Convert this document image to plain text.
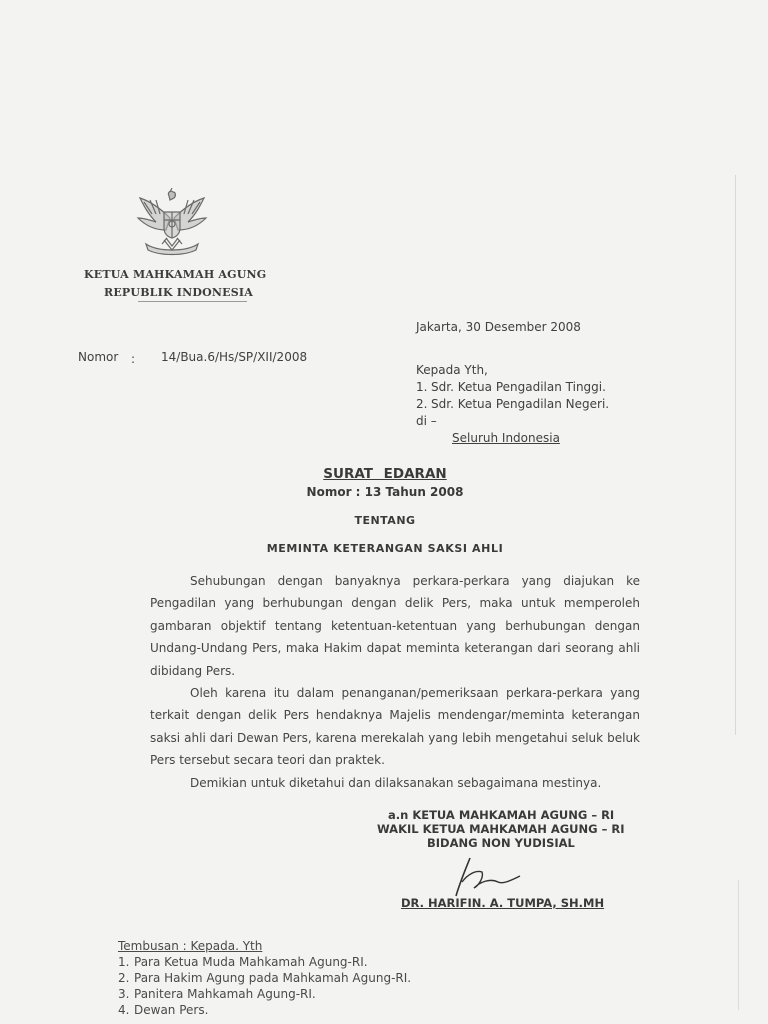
KETUA MAHKAMAH AGUNG
REPUBLIK INDONESIA
Jakarta, 30 Desember 2008
Nomor : 14/Bua.6/Hs/SP/XII/2008
Kepada Yth,
1. Sdr. Ketua Pengadilan Tinggi.
2. Sdr. Ketua Pengadilan Negeri.
di –
Seluruh Indonesia
SURAT EDARAN
Nomor : 13 Tahun 2008
TENTANG
MEMINTA KETERANGAN SAKSI AHLI

Sehubungan dengan banyaknya perkara-perkara yang diajukan ke Pengadilan yang berhubungan dengan delik Pers, maka untuk memperoleh gambaran objektif tentang ketentuan-ketentuan yang berhubungan dengan Undang-Undang Pers, maka Hakim dapat meminta keterangan dari seorang ahli dibidang Pers.

Oleh karena itu dalam penanganan/pemeriksaan perkara-perkara yang terkait dengan delik Pers hendaknya Majelis mendengar/meminta keterangan saksi ahli dari Dewan Pers, karena merekalah yang lebih mengetahui seluk beluk Pers tersebut secara teori dan praktek.

Demikian untuk diketahui dan dilaksanakan sebagaimana mestinya.

a.n KETUA MAHKAMAH AGUNG – RI
WAKIL KETUA MAHKAMAH AGUNG – RI
BIDANG NON YUDISIAL
DR. HARIFIN. A. TUMPA, SH.MH
Tembusan : Kepada. Yth
1. Para Ketua Muda Mahkamah Agung-RI.
2. Para Hakim Agung pada Mahkamah Agung-RI.
3. Panitera Mahkamah Agung-RI.
4. Dewan Pers.
